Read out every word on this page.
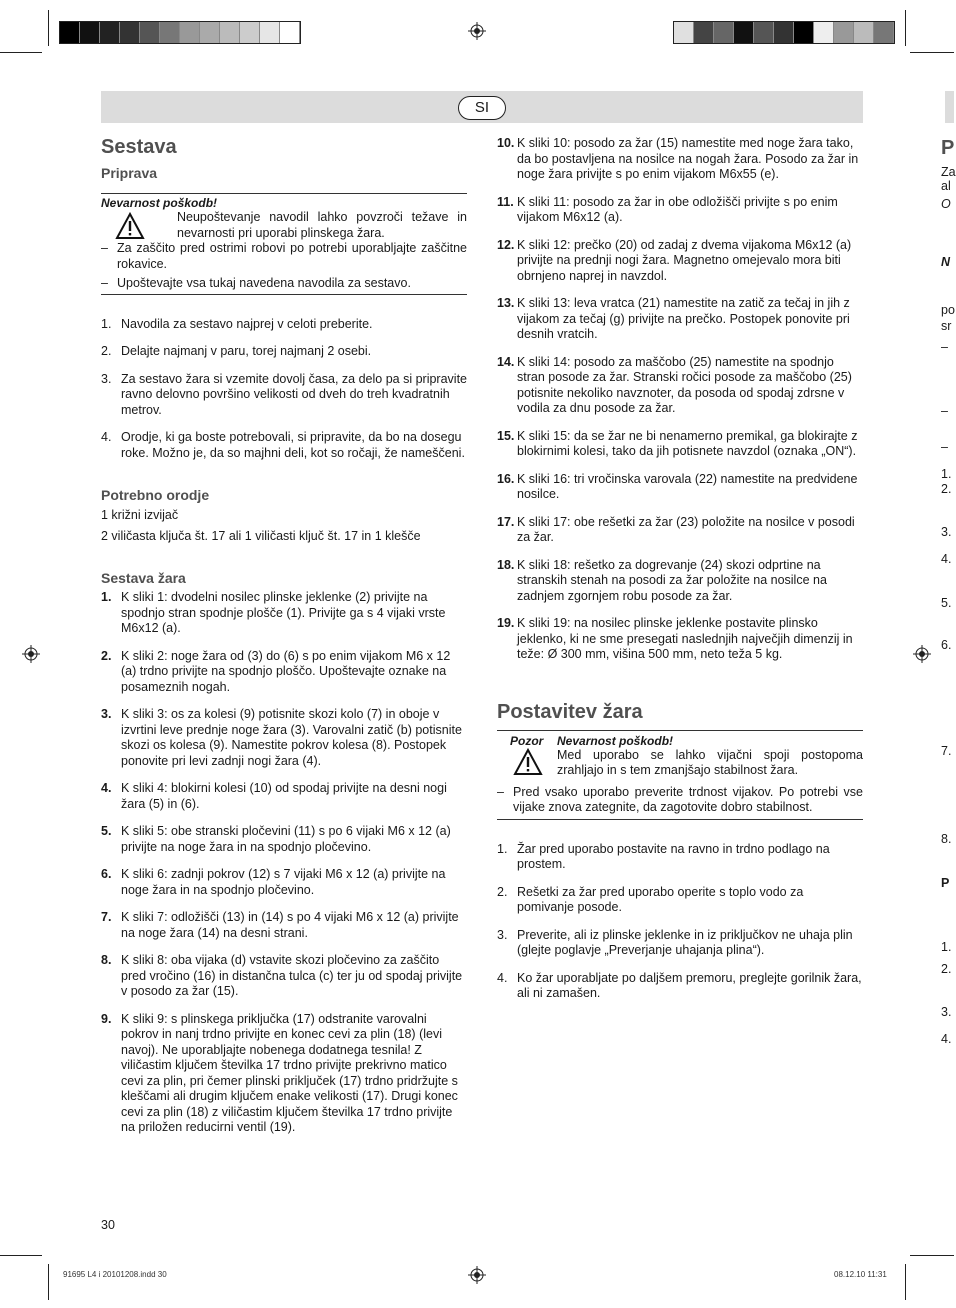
SI
Sestava
Priprava
Nevarnost poškodb!

Neupoštevanje navodil lahko povzroči težave in nevarnosti pri uporabi plinskega žara.

– Za zaščito pred ostrimi robovi po potrebi uporabljajte zaščitne rokavice.
– Upoštevajte vsa tukaj navedena navodila za sestavo.
1. Navodila za sestavo najprej v celoti preberite.
2. Delajte najmanj v paru, torej najmanj 2 osebi.
3. Za sestavo žara si vzemite dovolj časa, za delo pa si pripravite ravno delovno površino velikosti od dveh do treh kvadratnih metrov.
4. Orodje, ki ga boste potrebovali, si pripravite, da bo na dosegu roke. Možno je, da so majhni deli, kot so ročaji, že nameščeni.
Potrebno orodje

1 križni izvijač

2 viličasta ključa št. 17 ali 1 viličasti ključ št. 17 in 1 klešče

Sestava žara
1. K sliki 1: dvodelni nosilec plinske jeklenke (2) privijte na spodnjo stran spodnje plošče (1). Privijte ga s 4 vijaki vrste M6x12 (a).
2. K sliki 2: noge žara od (3) do (6) s po enim vijakom M6 x 12 (a) trdno privijte na spodnjo ploščo. Upoštevajte oznake na posameznih nogah.
3. K sliki 3: os za kolesi (9) potisnite skozi kolo (7) in oboje v izvrtini leve prednje noge žara (3). Varovalni zatič (b) potisnite skozi os kolesa (9). Namestite pokrov kolesa (8). Postopek ponovite pri levi zadnji nogi žara (4).
4. K sliki 4: blokirni kolesi (10) od spodaj privijte na desni nogi žara (5) in (6).
5. K sliki 5: obe stranski pločevini (11) s po 6 vijaki M6 x 12 (a) privijte na noge žara in na spodnjo pločevino.
6. K sliki 6: zadnji pokrov (12) s 7 vijaki M6 x 12 (a) privijte na noge žara in na spodnjo pločevino.
7. K sliki 7: odložišči (13) in (14) s po 4 vijaki M6 x 12 (a) privijte na noge žara (14) na desni strani.
8. K sliki 8: oba vijaka (d) vstavite skozi pločevino za zaščito pred vročino (16) in distančna tulca (c) ter ju od spodaj privijte v posodo za žar (15).
9. K sliki 9: s plinskega priključka (17) odstranite varovalni pokrov in nanj trdno privijte en konec cevi za plin (18) (levi navoj). Ne uporabljajte nobenega dodatnega tesnila! Z viličastim ključem številka 17 trdno privijte prekrivno matico cevi za plin, pri čemer plinski priključek (17) trdno pridržujte s kleščami ali drugim ključem enake velikosti (17). Drugi konec cevi za plin (18) z viličastim ključem številka 17 trdno privijte na priložen reducirni ventil (19).
30
10. K sliki 10: posodo za žar (15) namestite med noge žara tako, da bo postavljena na nosilce na nogah žara. Posodo za žar in noge žara privijte s po enim vijakom M6x55 (e).
11. K sliki 11: posodo za žar in obe odložišči privijte s po enim vijakom M6x12 (a).
12. K sliki 12: prečko (20) od zadaj z dvema vijakoma M6x12 (a) privijte na prednji nogi žara. Magnetno omejevalo mora biti obrnjeno naprej in navzdol.
13. K sliki 13: leva vratca (21) namestite na zatič za tečaj in jih z vijakom za tečaj (g) privijte na prečko. Postopek ponovite pri desnih vratcih.
14. K sliki 14: posodo za maščobo (25) namestite na spodnjo stran posode za žar. Stranski ročici posode za maščobo (25) potisnite nekoliko navznoter, da posoda od spodaj zdrsne v vodila za dnu posode za žar.
15. K sliki 15: da se žar ne bi nenamerno premikal, ga blokirajte z blokirnimi kolesi, tako da jih potisnete navzdol (oznaka „ON“).
16. K sliki 16: tri vročinska varovala (22) namestite na predvidene nosilce.
17. K sliki 17: obe rešetki za žar (23) položite na nosilce v posodi za žar.
18. K sliki 18: rešetko za dogrevanje (24) skozi odprtine na stranskih stenah na posodi za žar položite na nosilce na zadnjem zgornjem robu posode za žar.
19. K sliki 19: na nosilec plinske jeklenke postavite plinsko jeklenko, ki ne sme presegati naslednjih največjih dimenzij in teže: Ø 300 mm, višina 500 mm, neto teža 5 kg.
Postavitev žara
Pozor	Nevarnost poškodb!

Med uporabo se lahko vijačni spoji postopoma zrahljajo in s tem zmanjšajo stabilnost žara.

– Pred vsako uporabo preverite trdnost vijakov. Po potrebi vse vijake znova zategnite, da zagotovite dobro stabilnost.
1. Žar pred uporabo postavite na ravno in trdno podlago na prostem.
2. Rešetki za žar pred uporabo operite s toplo vodo za pomivanje posode.
3. Preverite, ali iz plinske jeklenke in iz priključkov ne uhaja plin (glejte poglavje „Preverjanje uhajanja plina“).
4. Ko žar uporabljate po daljšem premoru, preglejte gorilnik žara, ali ni zamašen.
P
Za
al
O
N
po
sr
–
–
–
1.
2.
3.
4.
5.
6.
7.
8.
P
1.
2.
3.
4.
91695 L4 i 20101208.indd 30	08.12.10 11:31
